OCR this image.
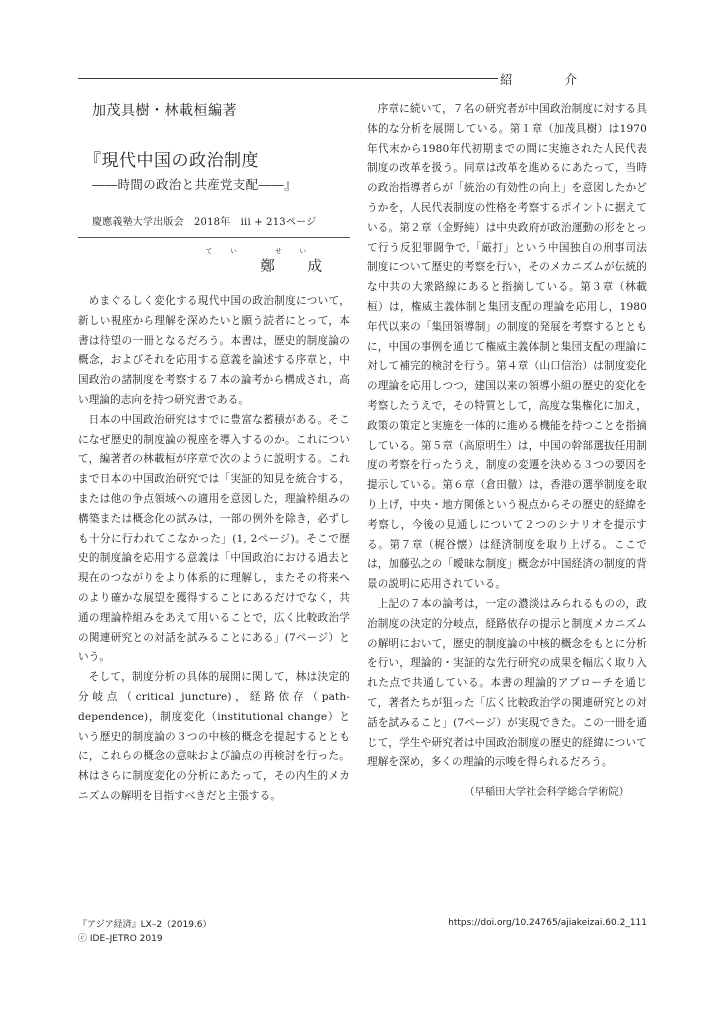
紹 介
加茂具樹・林載桓編著
『現代中国の政治制度
――時間の政治と共産党支配――』
慶應義塾大学出版会　2018年　iii + 213ページ
てい せい
鄭 成

めまぐるしく変化する現代中国の政治制度について，新しい視座から理解を深めたいと願う読者にとって，本書は待望の一冊となるだろう。本書は，歴史的制度論の概念，およびそれを応用する意義を論述する序章と，中国政治の諸制度を考察する７本の論考から構成され，高い理論的志向を持つ研究書である。

日本の中国政治研究はすでに豊富な蓄積がある。そこになぜ歴史的制度論の視座を導入するのか。これについて，編著者の林載桓が序章で次のように説明する。これまで日本の中国政治研究では「実証的知見を統合する，または他の争点領域への適用を意図した，理論枠組みの構築または概念化の試みは，一部の例外を除き，必ずしも十分に行われてこなかった」(1, 2ページ)。そこで歴史的制度論を応用する意義は「中国政治における過去と現在のつながりをより体系的に理解し，またその将来へのより確かな展望を獲得することにあるだけでなく，共通の理論枠組みをあえて用いることで，広く比較政治学の関連研究との対話を試みることにある」(7ページ）という。

そして，制度分析の具体的展開に関して，林は決定的分岐点（critical juncture)，経路依存（path-dependence)，制度変化（institutional change）という歴史的制度論の３つの中核的概念を提起するとともに，これらの概念の意味および論点の再検討を行った。林はさらに制度変化の分析にあたって，その内生的メカニズムの解明を目指すべきだと主張する。

序章に続いて，７名の研究者が中国政治制度に対する具体的な分析を展開している。第１章（加茂具樹）は1970年代末から1980年代初期までの間に実施された人民代表制度の改革を扱う。同章は改革を進めるにあたって，当時の政治指導者らが「統治の有効性の向上」を意図したかどうかを，人民代表制度の性格を考察するポイントに据えている。第２章（金野純）は中央政府が政治運動の形をとって行う反犯罪闘争で,「厳打」という中国独自の刑事司法制度について歴史的考察を行い，そのメカニズムが伝統的な中共の大衆路線にあると指摘している。第３章（林載桓）は，権威主義体制と集団支配の理論を応用し，1980年代以来の「集団領導制」の制度的発展を考察するとともに，中国の事例を通じて権威主義体制と集団支配の理論に対して補完的検討を行う。第４章（山口信治）は制度変化の理論を応用しつつ，建国以来の領導小組の歴史的変化を考察したうえで，その特質として，高度な集権化に加え，政策の策定と実施を一体的に進める機能を持つことを指摘している。第５章（高原明生）は，中国の幹部選抜任用制度の考察を行ったうえ，制度の変遷を決める３つの要因を提示している。第６章（倉田徹）は，香港の選挙制度を取り上げ，中央・地方関係という視点からその歴史的経緯を考察し，今後の見通しについて２つのシナリオを提示する。第７章（梶谷懐）は経済制度を取り上げる。ここでは，加藤弘之の「曖昧な制度」概念が中国経済の制度的背景の説明に応用されている。

上記の７本の論考は，一定の濃淡はみられるものの，政治制度の決定的分岐点，経路依存の提示と制度メカニズムの解明において，歴史的制度論の中核的概念をもとに分析を行い，理論的・実証的な先行研究の成果を幅広く取り入れた点で共通している。本書の理論的アプローチを通じて，著者たちが狙った「広く比較政治学の関連研究との対話を試みること」(7ページ）が実現できた。この一冊を通じて，学生や研究者は中国政治制度の歴史的経緯について理解を深め，多くの理論的示唆を得られるだろう。

（早稲田大学社会科学総合学術院）
『アジア経済』LX–2（2019.6）
ⓒ IDE–JETRO 2019
https://doi.org/10.24765/ajiakeizai.60.2_111
